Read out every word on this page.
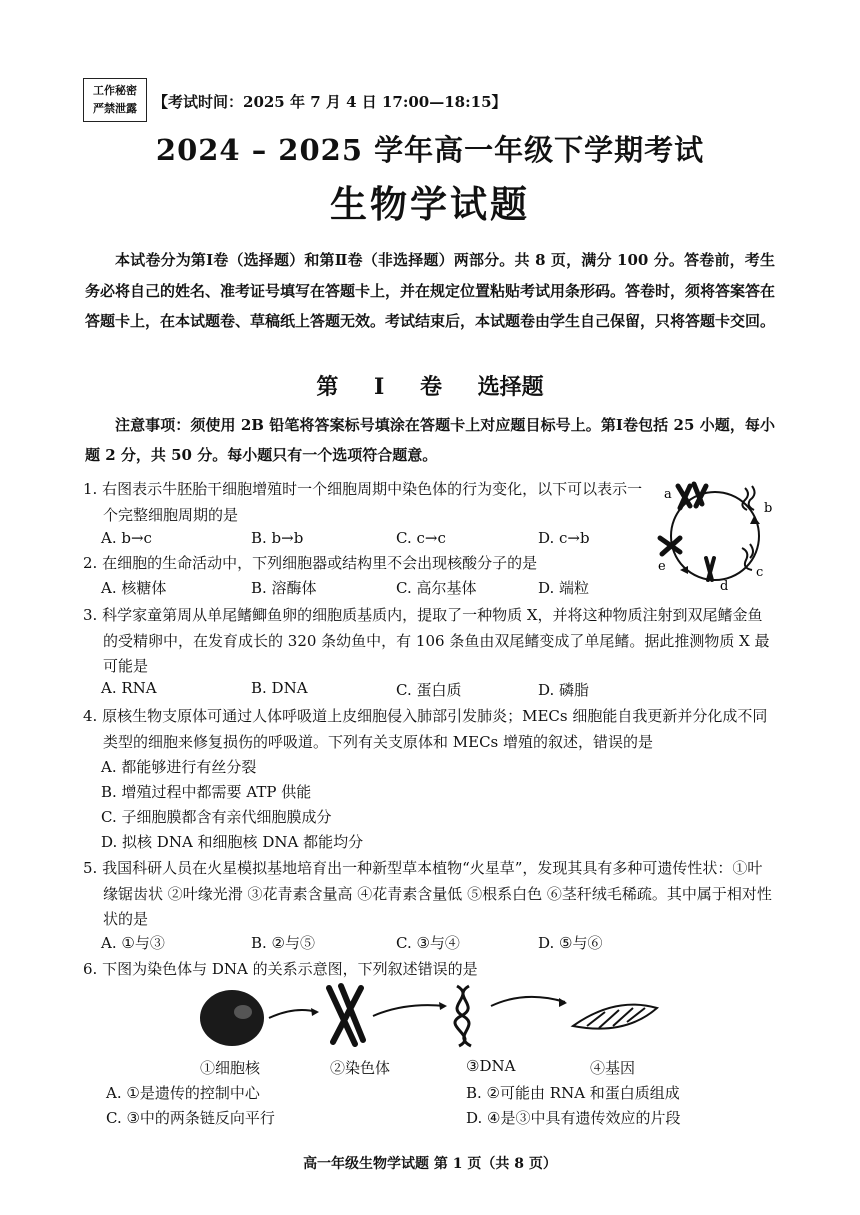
工作秘密
严禁泄露	【考试时间：2025 年 7 月 4 日 17:00—18:15】
2024 – 2025 学年高一年级下学期考试
生物学试题
本试卷分为第Ⅰ卷（选择题）和第Ⅱ卷（非选择题）两部分。共 8 页，满分 100 分。答卷前，考生务必将自己的姓名、准考证号填写在答题卡上，并在规定位置粘贴考试用条形码。答卷时，须将答案答在答题卡上，在本试题卷、草稿纸上答题无效。考试结束后，本试题卷由学生自己保留，只将答题卡交回。
第 I 卷 选择题
注意事项：须使用 2B 铅笔将答案标号填涂在答题卡上对应题目标号上。第Ⅰ卷包括 25 小题，每小题 2 分，共 50 分。每小题只有一个选项符合题意。
1. 右图表示牛胚胎干细胞增殖时一个细胞周期中染色体的行为变化，以下可以表示一个完整细胞周期的是
A. b→c	B. b→b	C. c→c	D. c→b
a
b
c
d
e
2. 在细胞的生命活动中，下列细胞器或结构里不会出现核酸分子的是
A. 核糖体	B. 溶酶体	C. 高尔基体	D. 端粒
3. 科学家童第周从单尾鳍鲫鱼卵的细胞质基质内，提取了一种物质 X，并将这种物质注射到双尾鳍金鱼的受精卵中，在发育成长的 320 条幼鱼中，有 106 条鱼由双尾鳍变成了单尾鳍。据此推测物质 X 最可能是
A. RNA	B. DNA	C. 蛋白质	D. 磷脂
4. 原核生物支原体可通过人体呼吸道上皮细胞侵入肺部引发肺炎；MECs 细胞能自我更新并分化成不同类型的细胞来修复损伤的呼吸道。下列有关支原体和 MECs 增殖的叙述，错误的是
A. 都能够进行有丝分裂
B. 增殖过程中都需要 ATP 供能
C. 子细胞膜都含有亲代细胞膜成分
D. 拟核 DNA 和细胞核 DNA 都能均分
5. 我国科研人员在火星模拟基地培育出一种新型草本植物“火星草”，发现其具有多种可遗传性状：①叶缘锯齿状 ②叶缘光滑 ③花青素含量高 ④花青素含量低 ⑤根系白色 ⑥茎秆绒毛稀疏。其中属于相对性状的是
A. ①与③	B. ②与⑤	C. ③与④	D. ⑤与⑥
6. 下图为染色体与 DNA 的关系示意图，下列叙述错误的是
①细胞核	②染色体	③DNA	④基因
A. ①是遗传的控制中心	B. ②可能由 RNA 和蛋白质组成
C. ③中的两条链反向平行	D. ④是③中具有遗传效应的片段
高一年级生物学试题 第 1 页（共 8 页）
